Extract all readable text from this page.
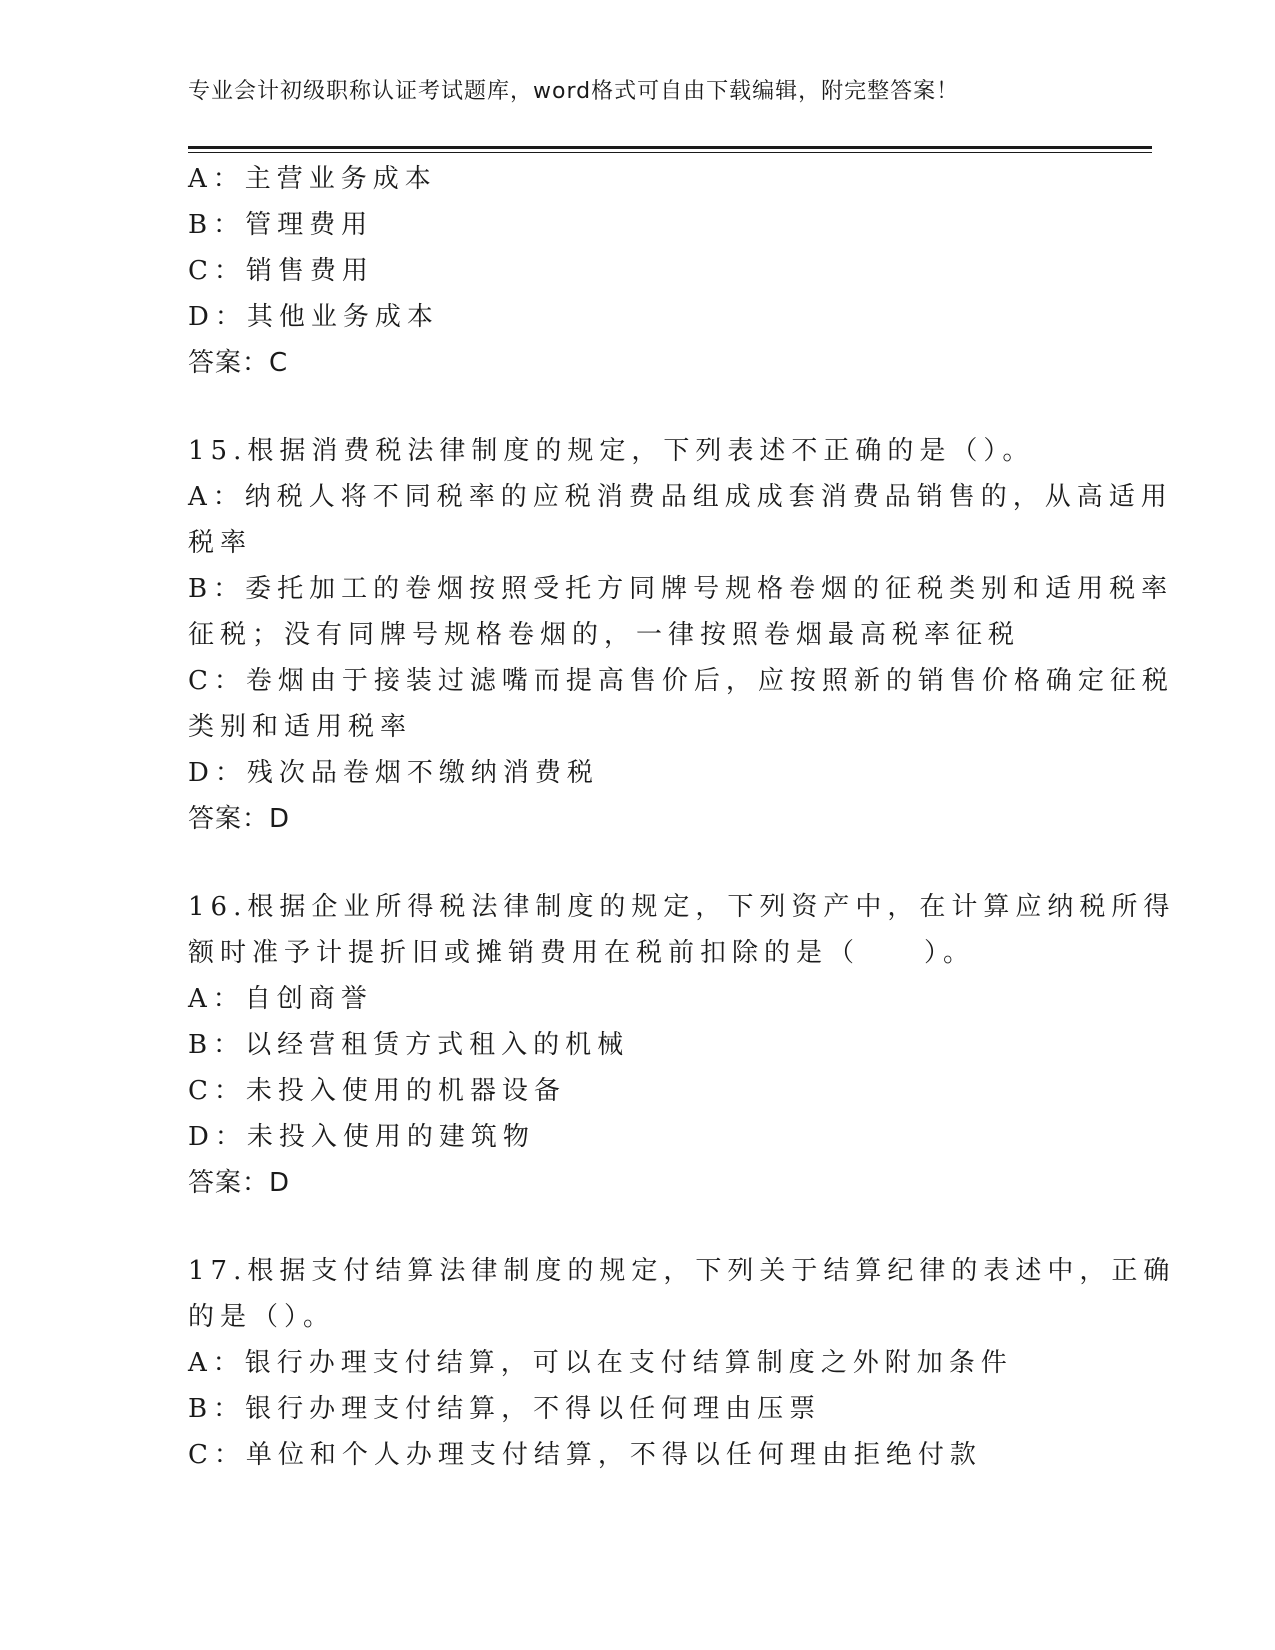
专业会计初级职称认证考试题库，word格式可自由下载编辑，附完整答案！
A：主营业务成本
B：管理费用
C：销售费用
D：其他业务成本
答案：C
15.根据消费税法律制度的规定，下列表述不正确的是（）。
A：纳税人将不同税率的应税消费品组成成套消费品销售的，从高适用
税率
B：委托加工的卷烟按照受托方同牌号规格卷烟的征税类别和适用税率
征税；没有同牌号规格卷烟的，一律按照卷烟最高税率征税
C：卷烟由于接装过滤嘴而提高售价后，应按照新的销售价格确定征税
类别和适用税率
D：残次品卷烟不缴纳消费税
答案：D
16.根据企业所得税法律制度的规定，下列资产中，在计算应纳税所得
额时准予计提折旧或摊销费用在税前扣除的是（　　）。
A：自创商誉
B：以经营租赁方式租入的机械
C：未投入使用的机器设备
D：未投入使用的建筑物
答案：D
17.根据支付结算法律制度的规定，下列关于结算纪律的表述中，正确
的是（）。
A：银行办理支付结算，可以在支付结算制度之外附加条件
B：银行办理支付结算，不得以任何理由压票
C：单位和个人办理支付结算，不得以任何理由拒绝付款
